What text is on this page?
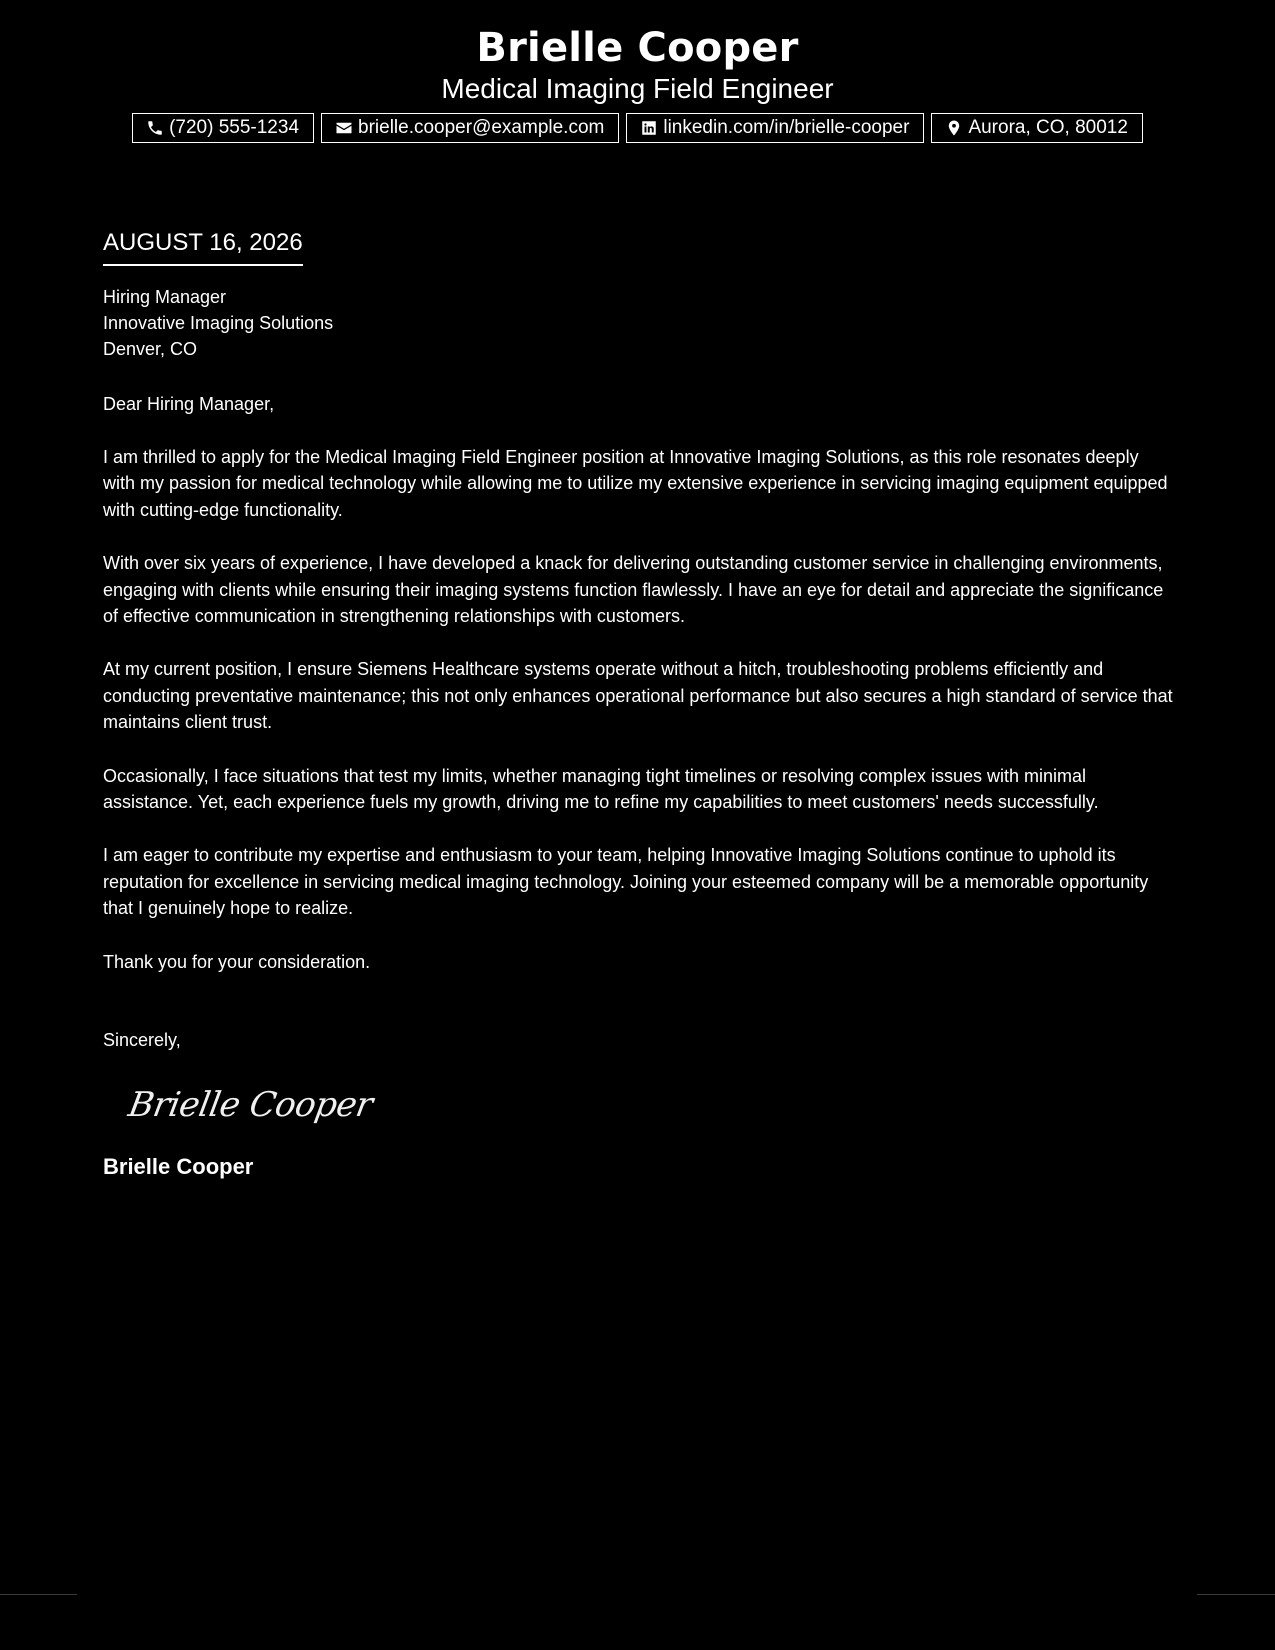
Brielle Cooper
Medical Imaging Field Engineer
(720) 555-1234	brielle.cooper@example.com	linkedin.com/in/brielle-cooper	Aurora, CO, 80012
AUGUST 16, 2026
Hiring Manager
Innovative Imaging Solutions
Denver, CO
Dear Hiring Manager,

I am thrilled to apply for the Medical Imaging Field Engineer position at Innovative Imaging Solutions, as this role resonates deeply with my passion for medical technology while allowing me to utilize my extensive experience in servicing imaging equipment equipped with cutting-edge functionality.

With over six years of experience, I have developed a knack for delivering outstanding customer service in challenging environments, engaging with clients while ensuring their imaging systems function flawlessly. I have an eye for detail and appreciate the significance of effective communication in strengthening relationships with customers.

At my current position, I ensure Siemens Healthcare systems operate without a hitch, troubleshooting problems efficiently and conducting preventative maintenance; this not only enhances operational performance but also secures a high standard of service that maintains client trust.

Occasionally, I face situations that test my limits, whether managing tight timelines or resolving complex issues with minimal assistance. Yet, each experience fuels my growth, driving me to refine my capabilities to meet customers' needs successfully.

I am eager to contribute my expertise and enthusiasm to your team, helping Innovative Imaging Solutions continue to uphold its reputation for excellence in servicing medical imaging technology. Joining your esteemed company will be a memorable opportunity that I genuinely hope to realize.

Thank you for your consideration.

Sincerely,
Brielle Cooper
Brielle Cooper
